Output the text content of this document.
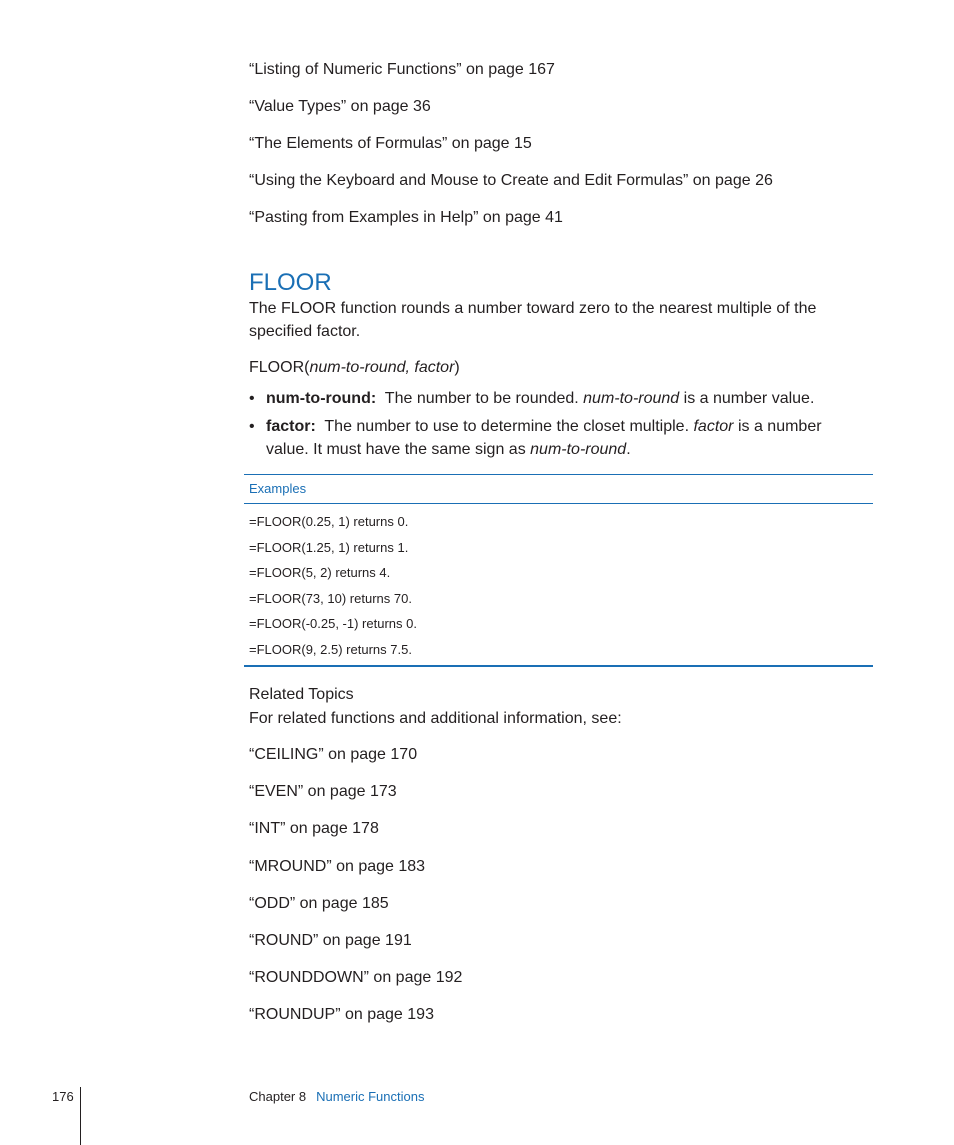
“Listing of Numeric Functions” on page 167
“Value Types” on page 36
“The Elements of Formulas” on page 15
“Using the Keyboard and Mouse to Create and Edit Formulas” on page 26
“Pasting from Examples in Help” on page 41
FLOOR
The FLOOR function rounds a number toward zero to the nearest multiple of the specified factor.
FLOOR(num-to-round, factor)
• num-to-round: The number to be rounded. num-to-round is a number value.
• factor: The number to use to determine the closet multiple. factor is a number value. It must have the same sign as num-to-round.
Examples
=FLOOR(0.25, 1) returns 0.
=FLOOR(1.25, 1) returns 1.
=FLOOR(5, 2) returns 4.
=FLOOR(73, 10) returns 70.
=FLOOR(-0.25, -1) returns 0.
=FLOOR(9, 2.5) returns 7.5.
Related Topics
For related functions and additional information, see:
“CEILING” on page 170
“EVEN” on page 173
“INT” on page 178
“MROUND” on page 183
“ODD” on page 185
“ROUND” on page 191
“ROUNDDOWN” on page 192
“ROUNDUP” on page 193
176	Chapter 8 Numeric Functions
